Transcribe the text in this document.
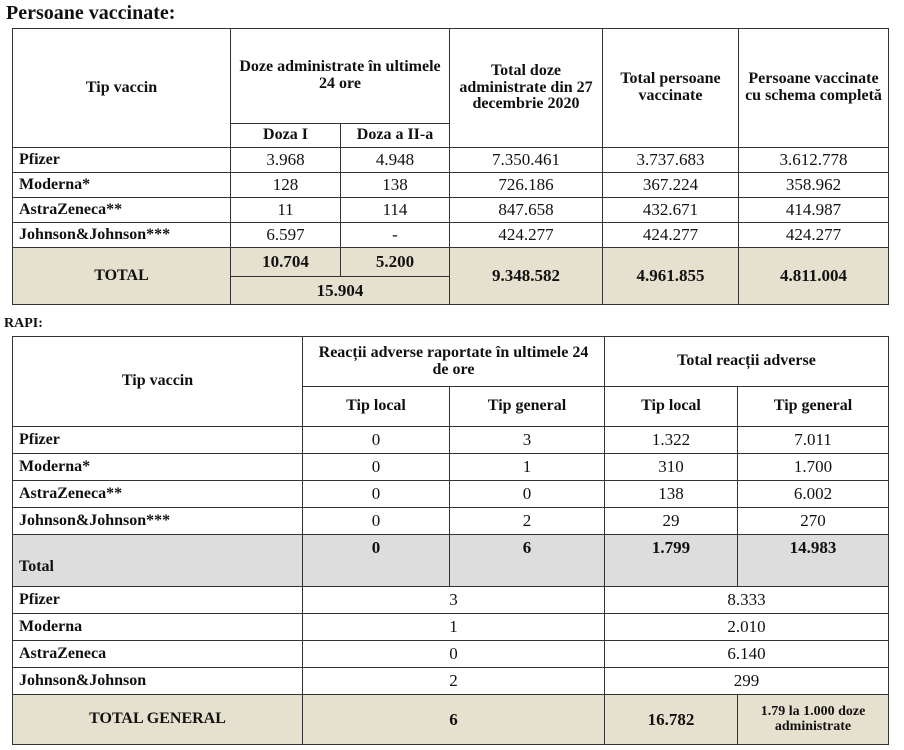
Persoane vaccinate:
Tip vaccin	Doze administrate în ultimele 24 ore		Total doze administrate din 27 decembrie 2020	Total persoane vaccinate	Persoane vaccinate cu schema completă
	Doza I	Doza a II-a			
Pfizer	3.968	4.948	7.350.461	3.737.683	3.612.778
Moderna*	128	138	726.186	367.224	358.962
AstraZeneca**	11	114	847.658	432.671	414.987
Johnson&Johnson***	6.597	-	424.277	424.277	424.277
TOTAL	10.704	5.200	9.348.582	4.961.855	4.811.004
	15.904				
RAPI:
Tip vaccin	Reacții adverse raportate în ultimele 24 de ore		Total reacții adverse	
	Tip local	Tip general	Tip local	Tip general
Pfizer	0	3	1.322	7.011
Moderna*	0	1	310	1.700
AstraZeneca**	0	0	138	6.002
Johnson&Johnson***	0	2	29	270
Total	0	6	1.799	14.983
Pfizer	3	8.333	
Moderna	1	2.010	
AstraZeneca	0	6.140	
Johnson&Johnson	2	299	
TOTAL GENERAL	6	16.782	1.79 la 1.000 doze administrate
